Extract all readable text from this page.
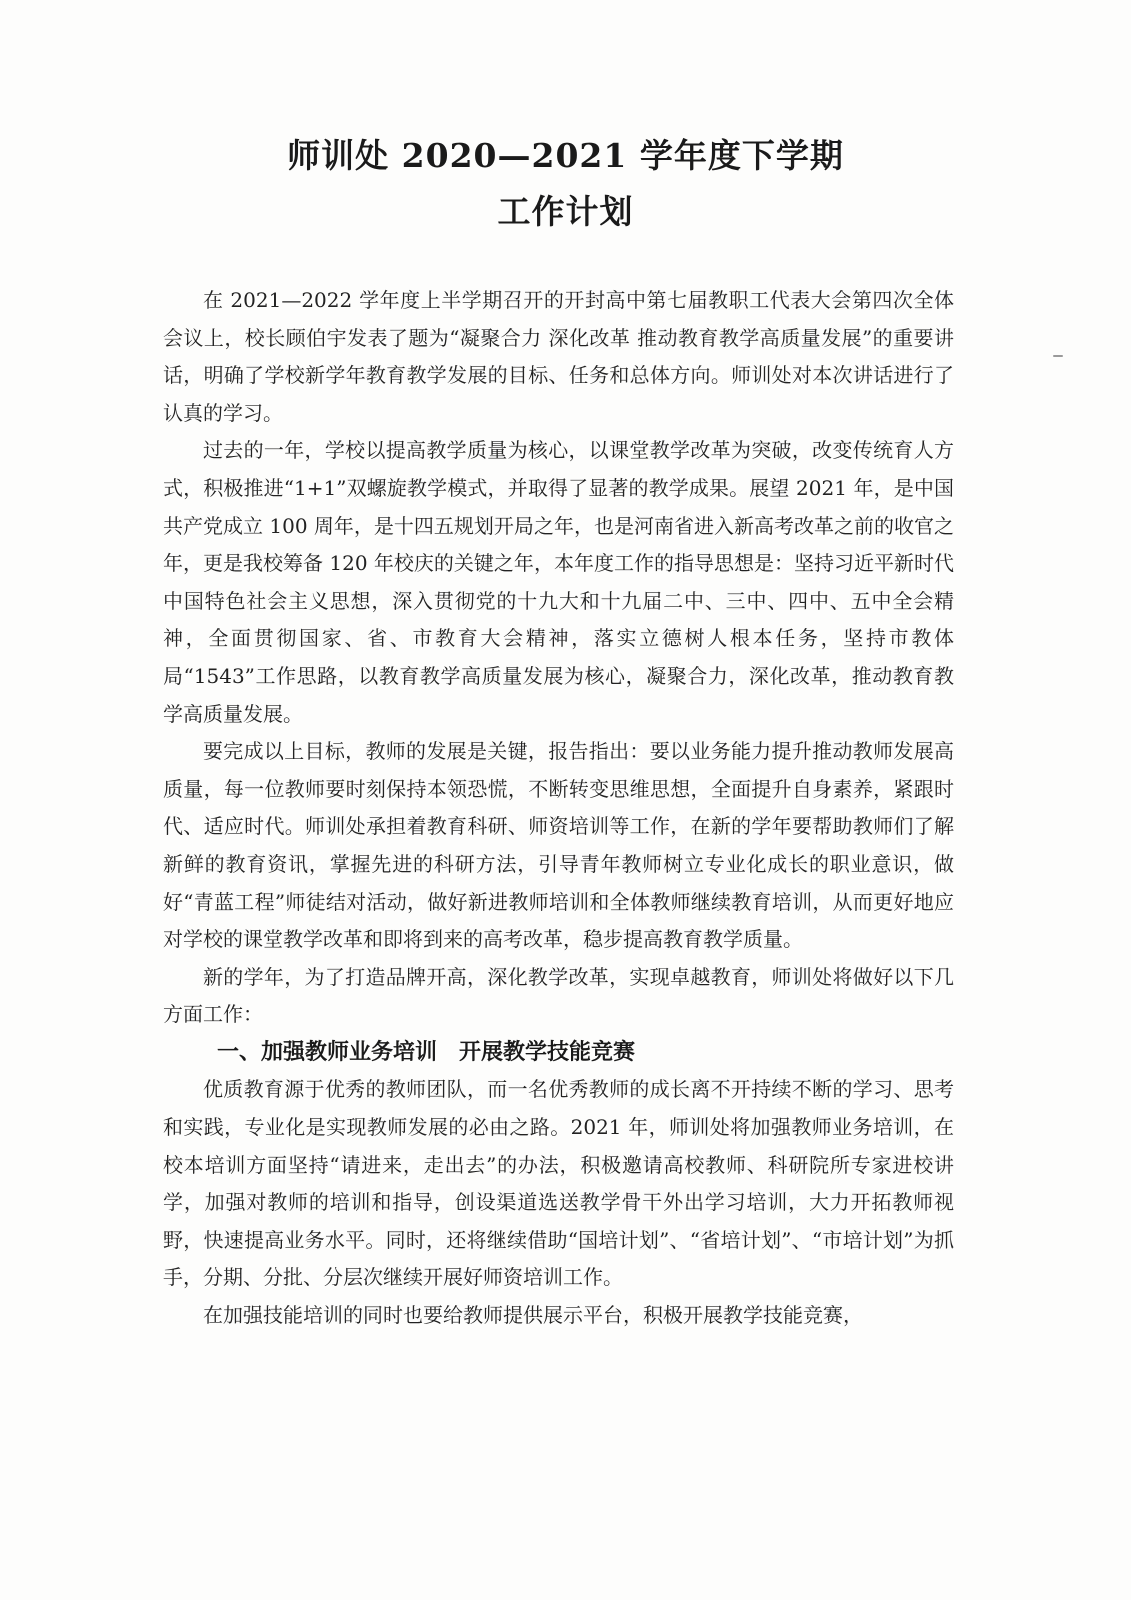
师训处 2020—2021 学年度下学期
工作计划

在 2021—2022 学年度上半学期召开的开封高中第七届教职工代表大会第四次全体会议上，校长顾伯宇发表了题为“凝聚合力 深化改革 推动教育教学高质量发展”的重要讲话，明确了学校新学年教育教学发展的目标、任务和总体方向。师训处对本次讲话进行了认真的学习。

过去的一年，学校以提高教学质量为核心，以课堂教学改革为突破，改变传统育人方式，积极推进“1+1”双螺旋教学模式，并取得了显著的教学成果。展望 2021 年，是中国共产党成立 100 周年，是十四五规划开局之年，也是河南省进入新高考改革之前的收官之年，更是我校筹备 120 年校庆的关键之年，本年度工作的指导思想是：坚持习近平新时代中国特色社会主义思想，深入贯彻党的十九大和十九届二中、三中、四中、五中全会精神，全面贯彻国家、省、市教育大会精神，落实立德树人根本任务，坚持市教体局“1543”工作思路，以教育教学高质量发展为核心，凝聚合力，深化改革，推动教育教学高质量发展。

要完成以上目标，教师的发展是关键，报告指出：要以业务能力提升推动教师发展高质量，每一位教师要时刻保持本领恐慌，不断转变思维思想，全面提升自身素养，紧跟时代、适应时代。师训处承担着教育科研、师资培训等工作，在新的学年要帮助教师们了解新鲜的教育资讯，掌握先进的科研方法，引导青年教师树立专业化成长的职业意识，做好“青蓝工程”师徒结对活动，做好新进教师培训和全体教师继续教育培训，从而更好地应对学校的课堂教学改革和即将到来的高考改革，稳步提高教育教学质量。

新的学年，为了打造品牌开高，深化教学改革，实现卓越教育，师训处将做好以下几方面工作：

一、加强教师业务培训　开展教学技能竞赛

优质教育源于优秀的教师团队，而一名优秀教师的成长离不开持续不断的学习、思考和实践，专业化是实现教师发展的必由之路。2021 年，师训处将加强教师业务培训，在校本培训方面坚持“请进来，走出去”的办法，积极邀请高校教师、科研院所专家进校讲学，加强对教师的培训和指导，创设渠道选送教学骨干外出学习培训，大力开拓教师视野，快速提高业务水平。同时，还将继续借助“国培计划”、“省培计划”、“市培计划”为抓手，分期、分批、分层次继续开展好师资培训工作。

在加强技能培训的同时也要给教师提供展示平台，积极开展教学技能竞赛，
